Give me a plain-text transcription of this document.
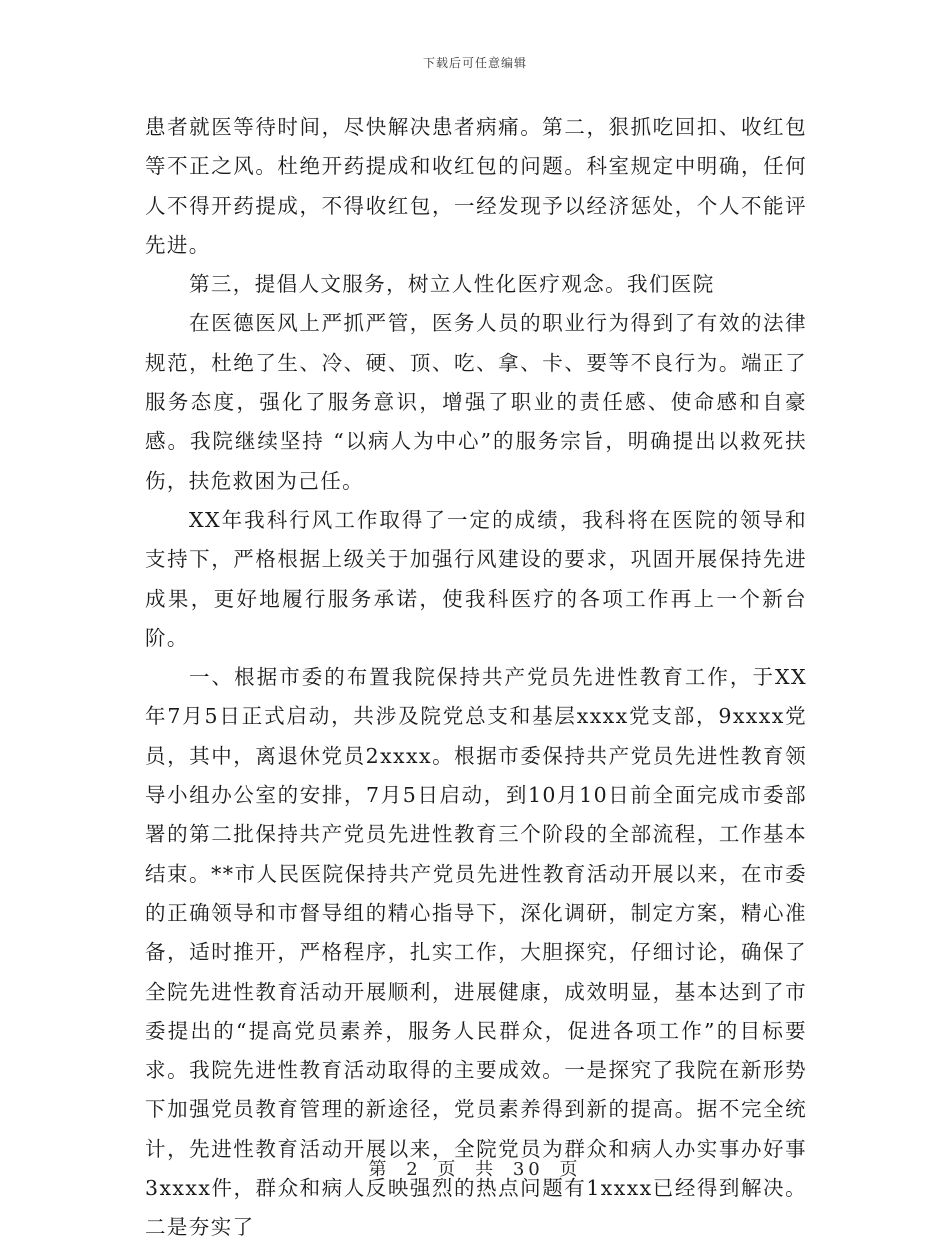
下载后可任意编辑

患者就医等待时间，尽快解决患者病痛。第二，狠抓吃回扣、收红包等不正之风。杜绝开药提成和收红包的问题。科室规定中明确，任何人不得开药提成，不得收红包，一经发现予以经济惩处，个人不能评先进。

第三，提倡人文服务，树立人性化医疗观念。我们医院

在医德医风上严抓严管，医务人员的职业行为得到了有效的法律规范，杜绝了生、冷、硬、顶、吃、拿、卡、要等不良行为。端正了服务态度，强化了服务意识，增强了职业的责任感、使命感和自豪感。我院继续坚持 “以病人为中心”的服务宗旨，明确提出以救死扶伤，扶危救困为己任。

XX年我科行风工作取得了一定的成绩，我科将在医院的领导和支持下，严格根据上级关于加强行风建设的要求，巩固开展保持先进成果，更好地履行服务承诺，使我科医疗的各项工作再上一个新台阶。

一、根据市委的布置我院保持共产党员先进性教育工作，于XX年7月5日正式启动，共涉及院党总支和基层xxxx党支部，9xxxx党员，其中，离退休党员2xxxx。根据市委保持共产党员先进性教育领导小组办公室的安排，7月5日启动，到10月10日前全面完成市委部署的第二批保持共产党员先进性教育三个阶段的全部流程，工作基本结束。**市人民医院保持共产党员先进性教育活动开展以来，在市委的正确领导和市督导组的精心指导下，深化调研，制定方案，精心准备，适时推开，严格程序，扎实工作，大胆探究，仔细讨论，确保了全院先进性教育活动开展顺利，进展健康，成效明显，基本达到了市委提出的“提高党员素养，服务人民群众，促进各项工作”的目标要求。我院先进性教育活动取得的主要成效。一是探究了我院在新形势下加强党员教育管理的新途径，党员素养得到新的提高。据不完全统计，先进性教育活动开展以来，全院党员为群众和病人办实事办好事3xxxx件，群众和病人反映强烈的热点问题有1xxxx已经得到解决。二是夯实了

第 2 页 共 30 页
